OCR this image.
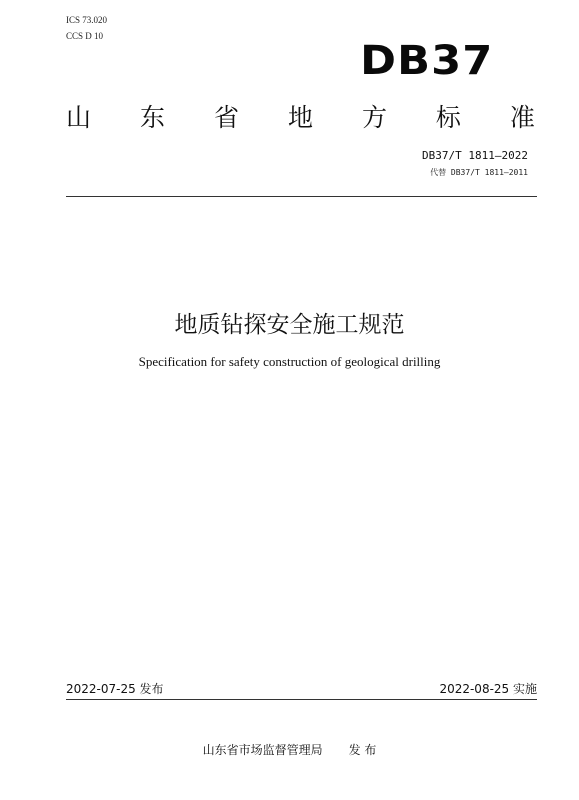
ICS 73.020
CCS D 10
DB37
山 东 省 地 方 标 准
DB37/T 1811—2022
代替 DB37/T 1811—2011
地质钻探安全施工规范
Specification for safety construction of geological drilling
2022-07-25 发布	2022-08-25 实施
山东省市场监督管理局 发 布
